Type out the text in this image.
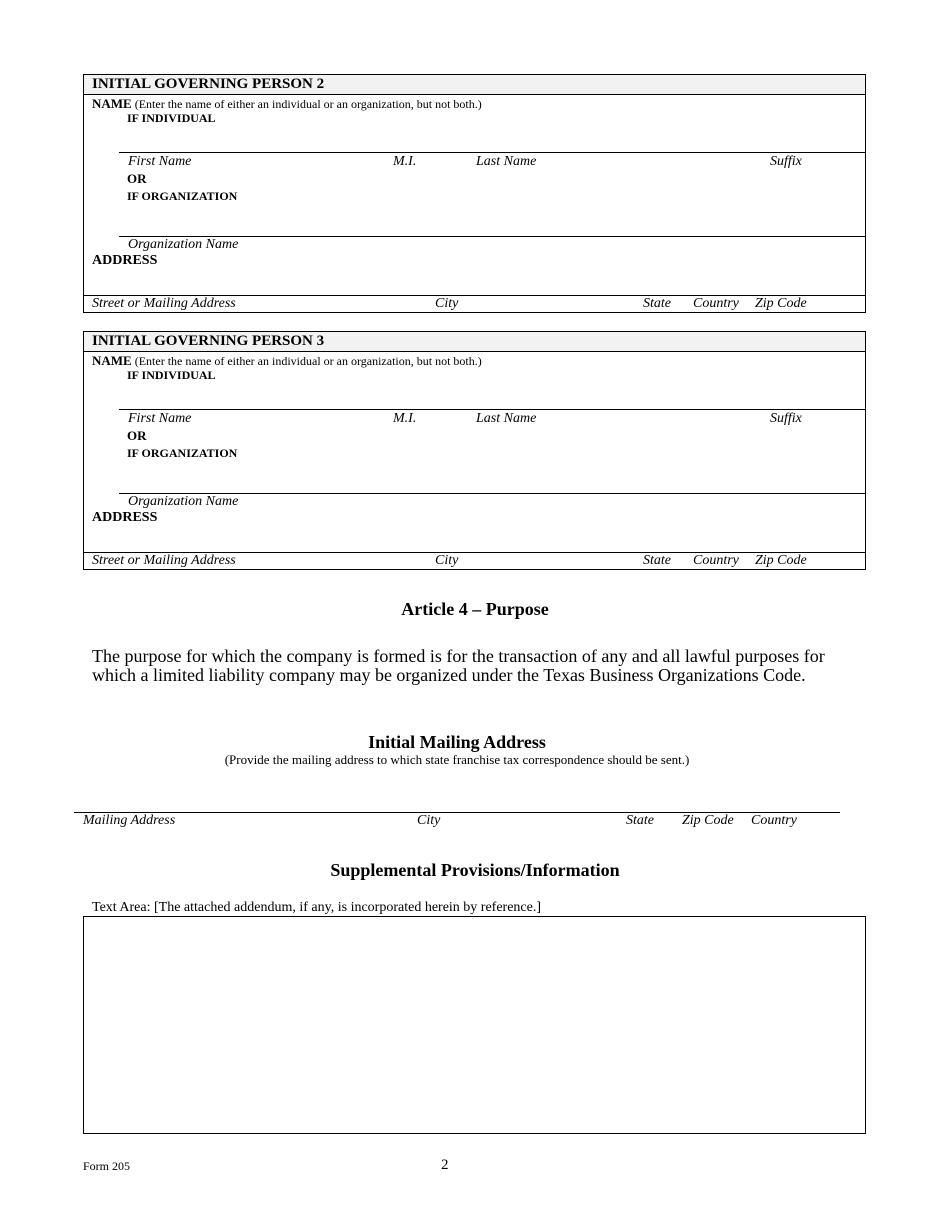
INITIAL GOVERNING PERSON 2
NAME (Enter the name of either an individual or an organization, but not both.)
IF INDIVIDUAL
First Name	M.I.	Last Name	Suffix
OR
IF ORGANIZATION
Organization Name
ADDRESS
Street or Mailing Address	City	State Country Zip Code
INITIAL GOVERNING PERSON 3
NAME (Enter the name of either an individual or an organization, but not both.)
IF INDIVIDUAL
First Name	M.I.	Last Name	Suffix
OR
IF ORGANIZATION
Organization Name
ADDRESS
Street or Mailing Address	City	State Country Zip Code
Article 4 – Purpose
The purpose for which the company is formed is for the transaction of any and all lawful purposes for
which a limited liability company may be organized under the Texas Business Organizations Code.
Initial Mailing Address
(Provide the mailing address to which state franchise tax correspondence should be sent.)
Mailing Address	City	State Zip Code Country
Supplemental Provisions/Information
Text Area: [The attached addendum, if any, is incorporated herein by reference.]
Form 205	2
